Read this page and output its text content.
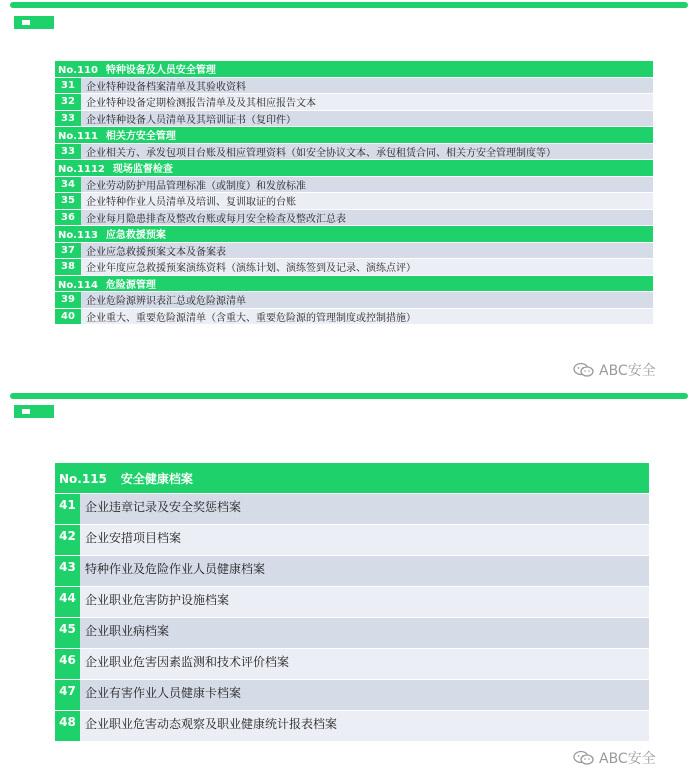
No.110 特种设备及人员安全管理	
31	企业特种设备档案清单及其验收资料
32	企业特种设备定期检测报告清单及及其相应报告文本
33	企业特种设备人员清单及其培训证书（复印件）
No.111 相关方安全管理	
33	企业相关方、承发包项目台账及相应管理资料（如安全协议文本、承包租赁合同、相关方安全管理制度等）
No.1112 现场监督检查	
34	企业劳动防护用品管理标准（或制度）和发放标准
35	企业特种作业人员清单及培训、复训取证的台账
36	企业每月隐患排查及整改台账或每月安全检查及整改汇总表
No.113 应急救援预案	
37	企业应急救援预案文本及备案表
38	企业年度应急救援预案演练资料（演练计划、演练签到及记录、演练点评）
No.114 危险源管理	
39	企业危险源辨识表汇总或危险源清单
40	企业重大、重要危险源清单（含重大、重要危险源的管理制度或控制措施）
ABC安全
No.115 安全健康档案	
41	企业违章记录及安全奖惩档案
42	企业安措项目档案
43	特种作业及危险作业人员健康档案
44	企业职业危害防护设施档案
45	企业职业病档案
46	企业职业危害因素监测和技术评价档案
47	企业有害作业人员健康卡档案
48	企业职业危害动态观察及职业健康统计报表档案
ABC安全
